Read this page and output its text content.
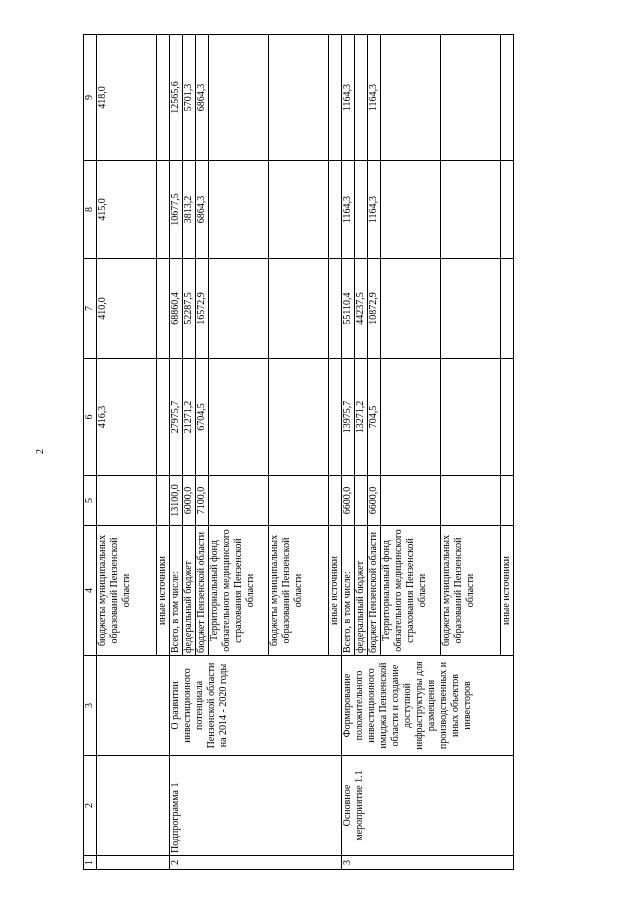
2
1	2	3	4	5	6	7	8	9
			бюджеты муниципальных образований Пензенской области		416,3	410,0	415,0	418,0
			иные источники					
2	Подпрограмма 1	О развитии инвестиционного потенциала Пензенской области на 2014 - 2020 годы	Всего, в том числе:	13100,0	27975,7	68860,4	10677,5	12565,6
			федеральный бюджет	6000,0	21271,2	52287,5	3813,2	5701,3
			бюджет Пензенской области	7100,0	6704,5	16572,9	6864,3	6864,3
			Территориальный фонд обязательного медицинского страхования Пензенской области					
			бюджеты муниципальных образований Пензенской области					
			иные источники					
3	Основное мероприятие 1.1	Формирование положительного инвестиционного имиджа Пензенской области и создание доступной инфраструктуры для размещения производственных и иных объектов инвесторов	Всего, в том числе:	6600,0	13975,7	55110,4	1164,3	1164,3
			федеральный бюджет		13271,2	44237,5		
			бюджет Пензенской области	6600,0	704,5	10872,9	1164,3	1164,3
			Территориальный фонд обязательного медицинского страхования Пензенской области					
			бюджеты муниципальных образований Пензенской области					
			иные источники					
